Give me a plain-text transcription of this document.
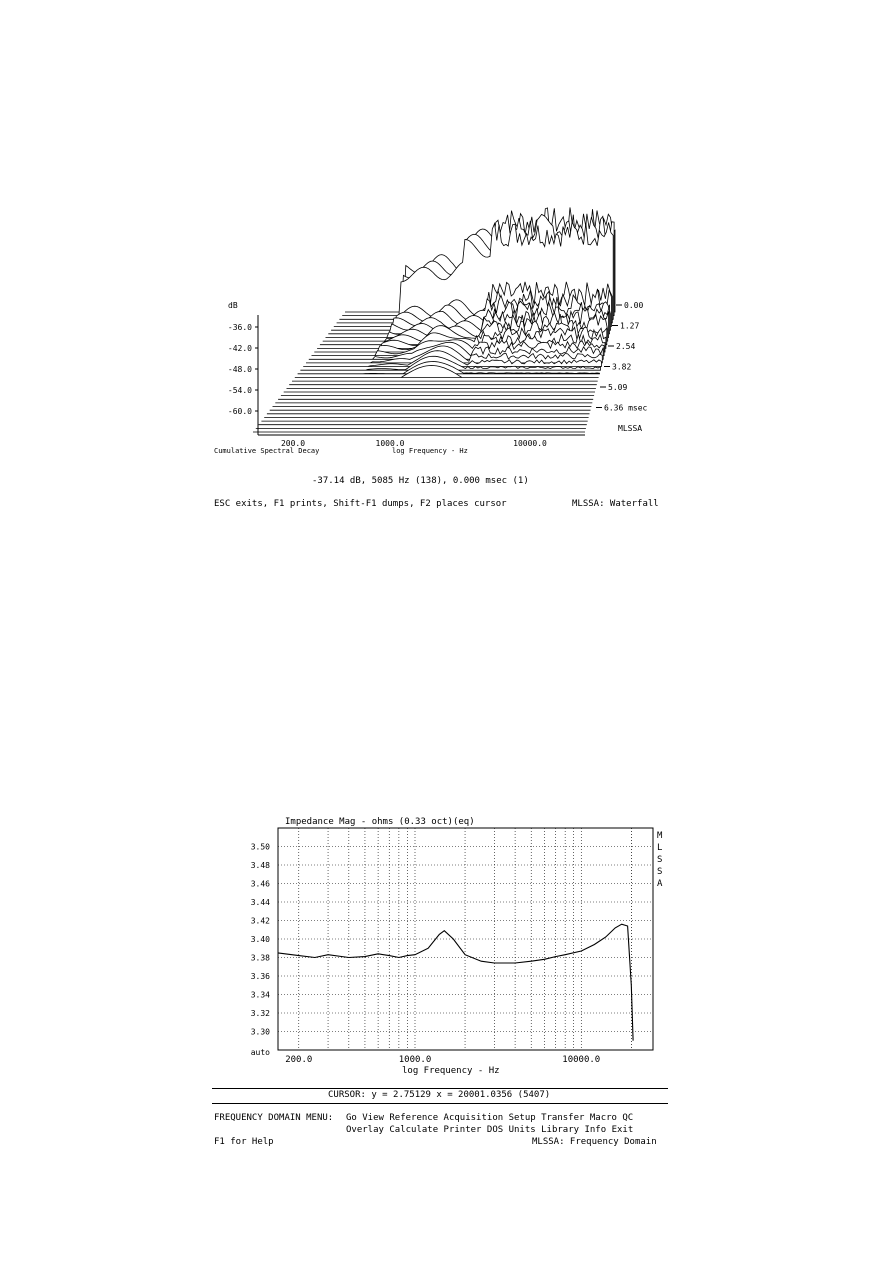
dB
-36.0
-42.0
-48.0
-54.0
-60.0
200.0	1000.0	10000.0
0.00
1.27
2.54
3.82
5.09
6.36 msec
MLSSA
Cumulative Spectral Decay	log Frequency - Hz
-37.14 dB, 5085 Hz (138), 0.000 msec (1)
ESC exits, F1 prints, Shift-F1 dumps, F2 places cursor	MLSSA: Waterfall
Impedance Mag - ohms (0.33 oct)(eq)
3.50
3.48
3.46
3.44
3.42
3.40
3.38
3.36
3.34
3.32
3.30
auto
200.0	1000.0	10000.0
M
L
S
S
A
log Frequency - Hz
CURSOR: y = 2.75129 x = 20001.0356 (5407)
FREQUENCY DOMAIN MENU: Go View Reference Acquisition Setup Transfer Macro QC
Overlay Calculate Printer DOS Units Library Info Exit
F1 for Help	MLSSA: Frequency Domain
